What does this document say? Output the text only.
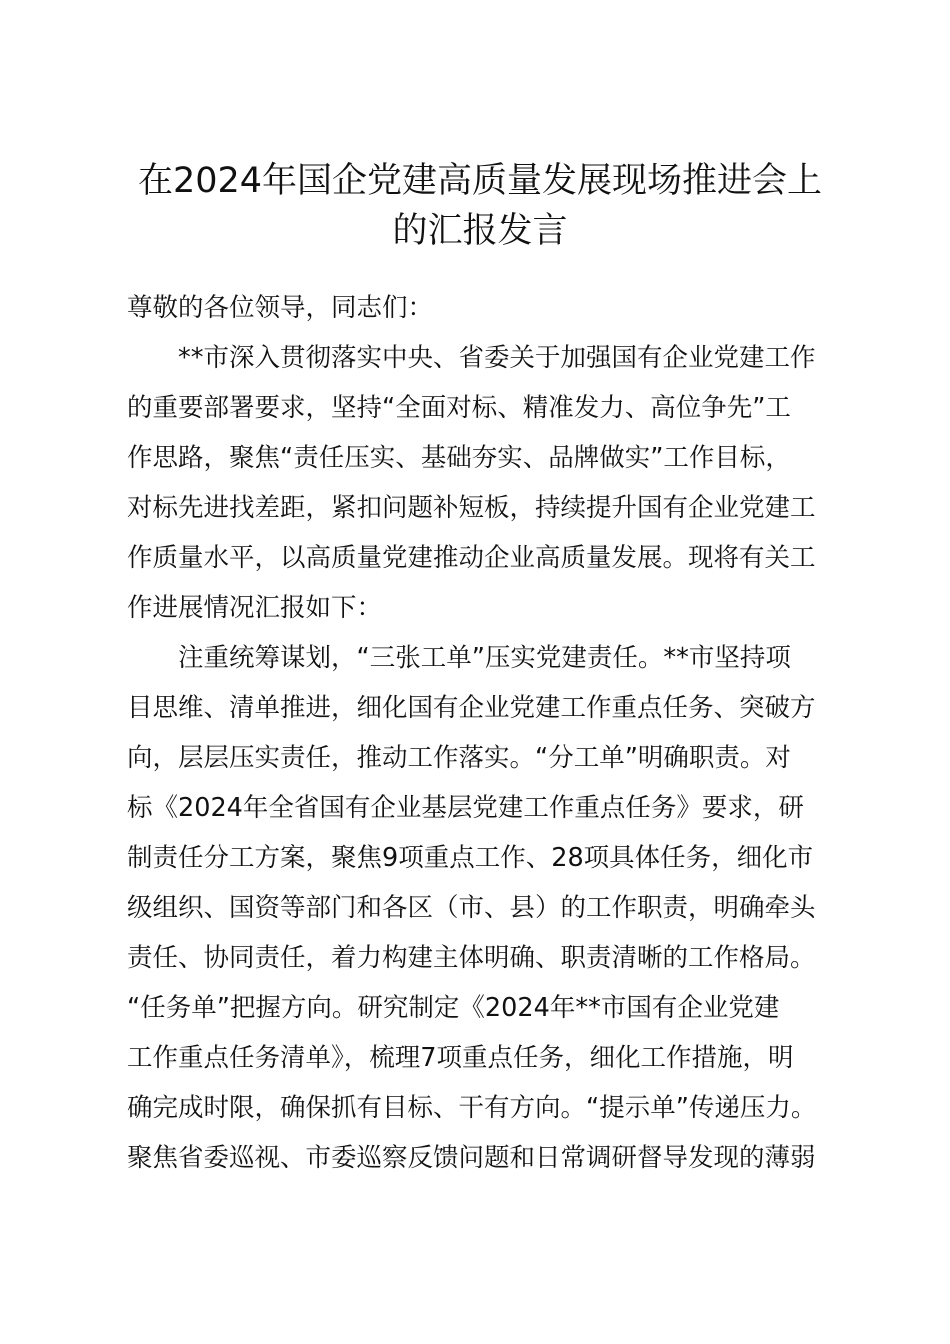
在2024年国企党建高质量发展现场推进会上
的汇报发言

尊敬的各位领导，同志们：

**市深入贯彻落实中央、省委关于加强国有企业党建工作
的重要部署要求，坚持“全面对标、精准发力、高位争先”工
作思路，聚焦“责任压实、基础夯实、品牌做实”工作目标，
对标先进找差距，紧扣问题补短板，持续提升国有企业党建工
作质量水平，以高质量党建推动企业高质量发展。现将有关工
作进展情况汇报如下：
注重统筹谋划，“三张工单”压实党建责任。**市坚持项
目思维、清单推进，细化国有企业党建工作重点任务、突破方
向，层层压实责任，推动工作落实。“分工单”明确职责。对
标《2024年全省国有企业基层党建工作重点任务》要求，研
制责任分工方案，聚焦9项重点工作、28项具体任务，细化市
级组织、国资等部门和各区（市、县）的工作职责，明确牵头
责任、协同责任，着力构建主体明确、职责清晰的工作格局。
“任务单”把握方向。研究制定《2024年**市国有企业党建
工作重点任务清单》，梳理7项重点任务，细化工作措施，明
确完成时限，确保抓有目标、干有方向。“提示单”传递压力。
聚焦省委巡视、市委巡察反馈问题和日常调研督导发现的薄弱
